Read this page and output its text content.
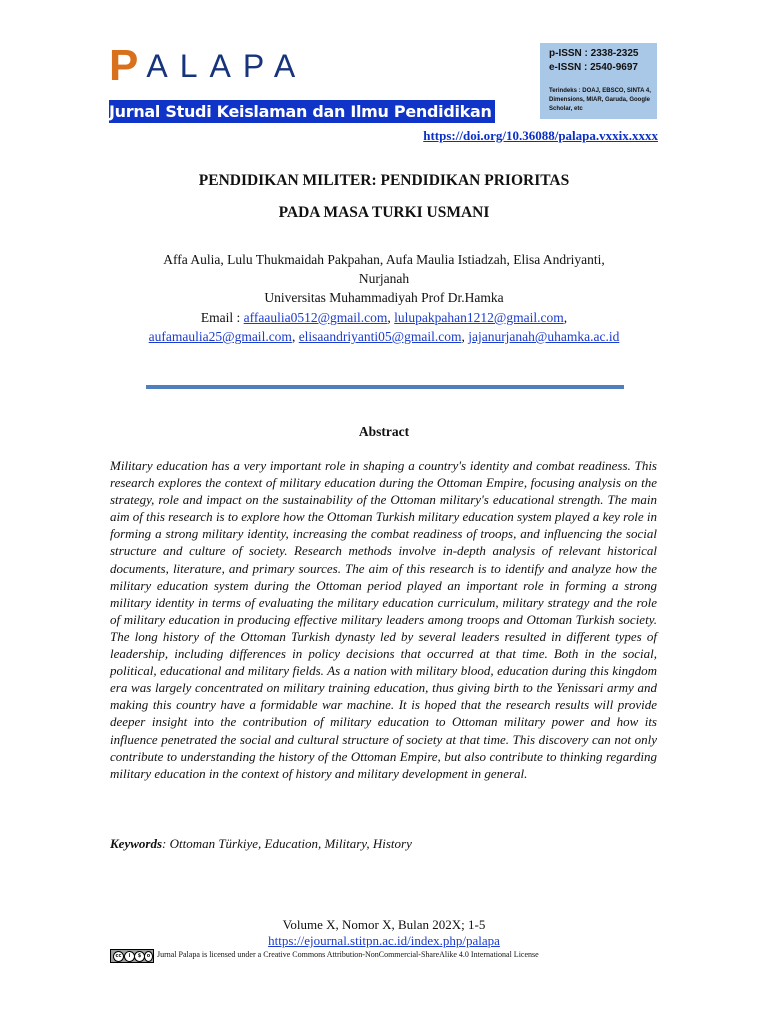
P ALAPA
Jurnal Studi Keislaman dan Ilmu Pendidikan
p-ISSN : 2338-2325
e-ISSN : 2540-9697
Terindeks : DOAJ, EBSCO, SINTA 4, Dimensions, MIAR, Garuda, Google Scholar, etc
https://doi.org/10.36088/palapa.vxxix.xxxx
PENDIDIKAN MILITER: PENDIDIKAN PRIORITAS
PADA MASA TURKI USMANI
Affa Aulia, Lulu Thukmaidah Pakpahan, Aufa Maulia Istiadzah, Elisa Andriyanti,
Nurjanah
Universitas Muhammadiyah Prof Dr.Hamka
Email : affaaulia0512@gmail.com, lulupakpahan1212@gmail.com,
aufamaulia25@gmail.com, elisaandriyanti05@gmail.com, jajanurjanah@uhamka.ac.id
Abstract
Military education has a very important role in shaping a country's identity and combat readiness. This research explores the context of military education during the Ottoman Empire, focusing analysis on the strategy, role and impact on the sustainability of the Ottoman military's educational strength. The main aim of this research is to explore how the Ottoman Turkish military education system played a key role in forming a strong military identity, increasing the combat readiness of troops, and influencing the social structure and culture of society. Research methods involve in-depth analysis of relevant historical documents, literature, and primary sources. The aim of this research is to identify and analyze how the military education system during the Ottoman period played an important role in forming a strong military identity in terms of evaluating the military education curriculum, military strategy and the role of military education in producing effective military leaders among troops and Ottoman Turkish society. The long history of the Ottoman Turkish dynasty led by several leaders resulted in different types of leadership, including differences in policy decisions that occurred at that time. Both in the social, political, educational and military fields. As a nation with military blood, education during this kingdom era was largely concentrated on military training education, thus giving birth to the Yenissari army and making this country have a formidable war machine. It is hoped that the research results will provide deeper insight into the contribution of military education to Ottoman military power and how its influence penetrated the social and cultural structure of society at that time. This discovery can not only contribute to understanding the history of the Ottoman Empire, but also contribute to thinking regarding military education in the context of history and military development in general.
Keywords: Ottoman Türkiye, Education, Military, History
Volume X, Nomor X, Bulan 202X; 1-5
https://ejournal.stitpn.ac.id/index.php/palapa
cc	i	$	o Jurnal Palapa is licensed under a Creative Commons Attribution-NonCommercial-ShareAlike 4.0 International License
